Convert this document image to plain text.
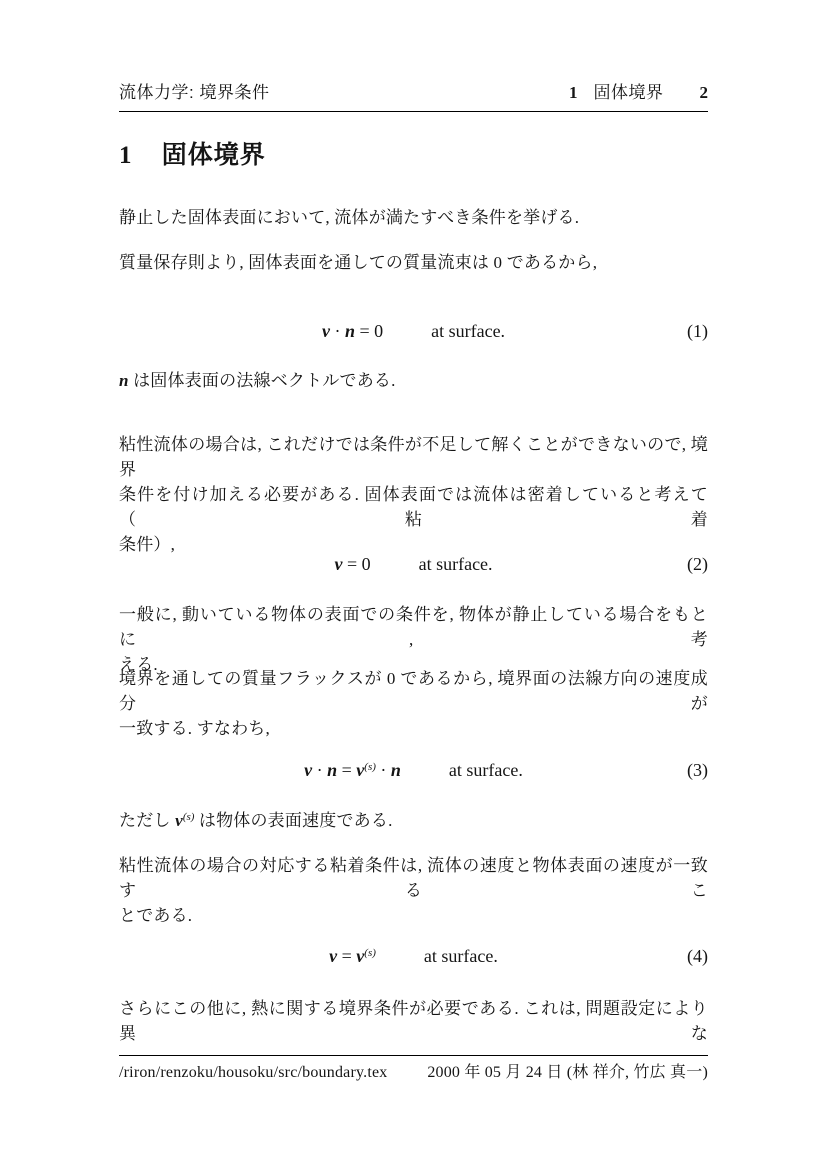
流体力学: 境界条件	1 固体境界 2
1 固体境界
静止した固体表面において, 流体が満たすべき条件を挙げる.
質量保存則より, 固体表面を通しての質量流束は 0 であるから,
v · n = 0	at surface.	(1)
n は固体表面の法線ベクトルである.
粘性流体の場合は, これだけでは条件が不足して解くことができないので, 境界
条件を付け加える必要がある. 固体表面では流体は密着していると考えて（粘着
条件）,
v = 0	at surface.	(2)
一般に, 動いている物体の表面での条件を, 物体が静止している場合をもとに, 考
える.
境界を通しての質量フラックスが 0 であるから, 境界面の法線方向の速度成分が
一致する. すなわち,
$v \cdot n = v^{(s)} \cdot n$	at surface.	(3)
ただし $v^{(s)}$ は物体の表面速度である.
粘性流体の場合の対応する粘着条件は, 流体の速度と物体表面の速度が一致するこ
とである.
$v = v^{(s)}$	at surface.	(4)
さらにこの他に, 熱に関する境界条件が必要である. これは, 問題設定により異な
/riron/renzoku/housoku/src/boundary.tex 2000 年 05 月 24 日 (林 祥介, 竹広 真一)
